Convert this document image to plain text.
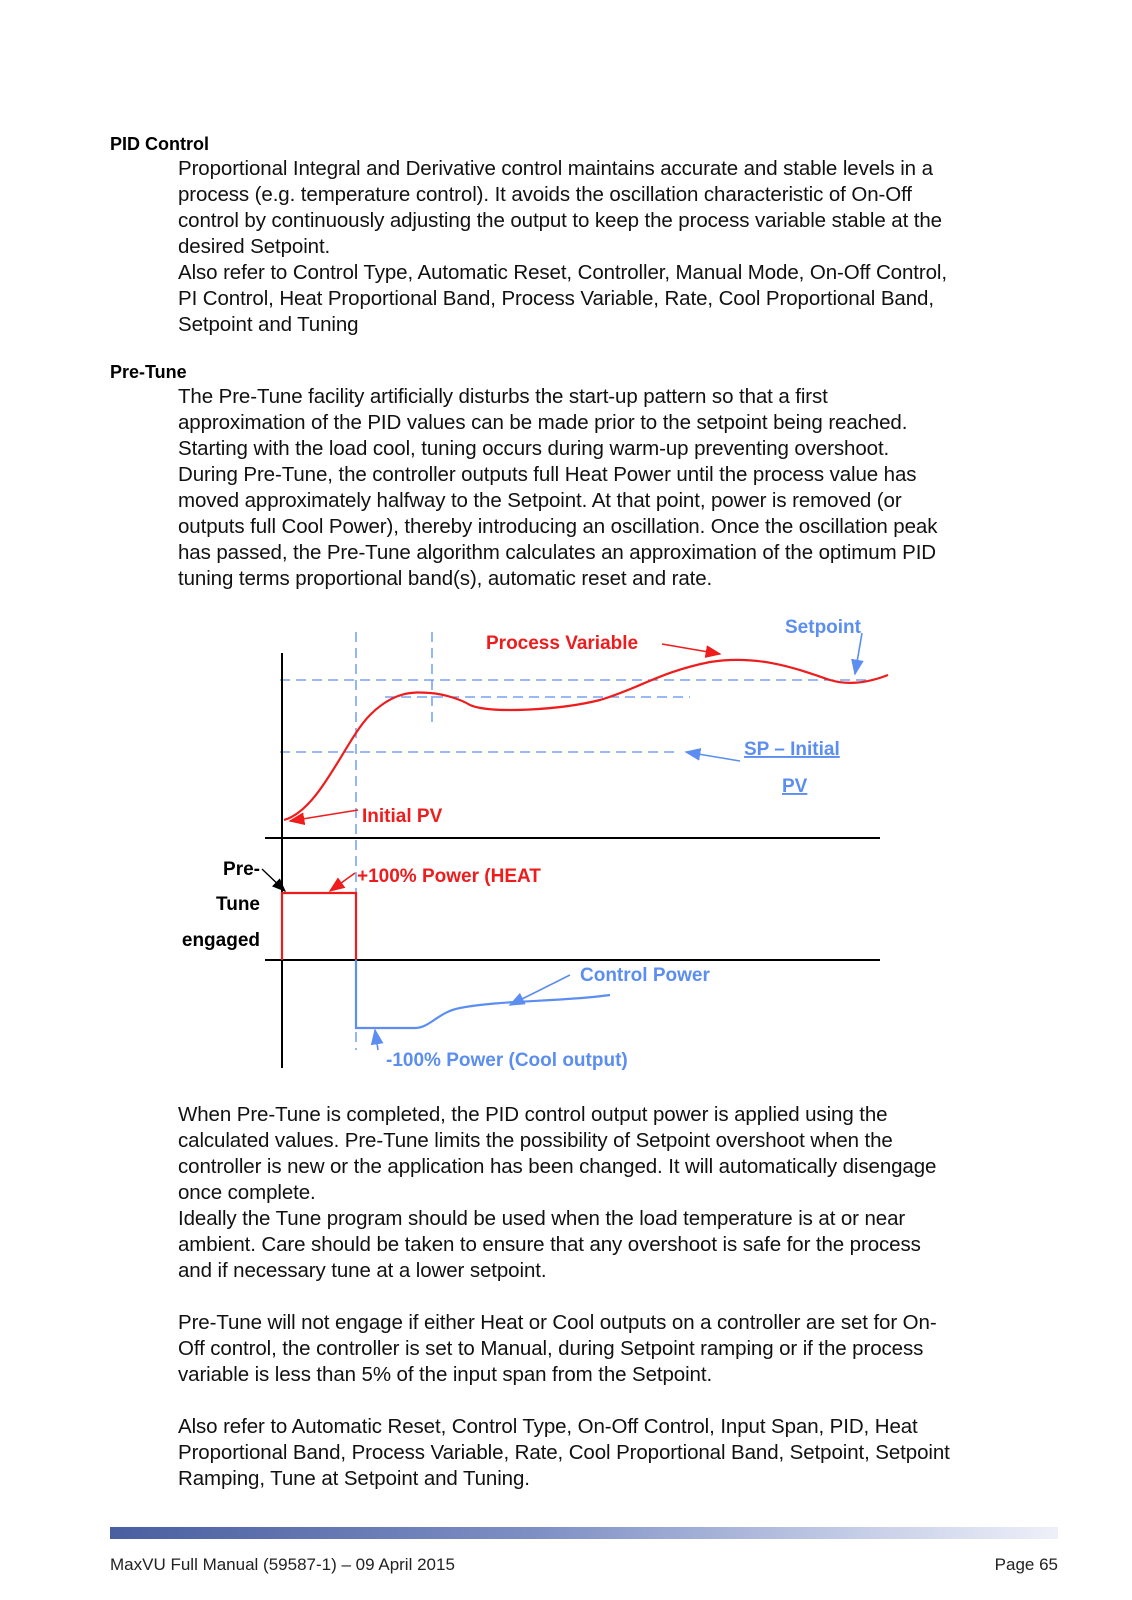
PID Control
Proportional Integral and Derivative control maintains accurate and stable levels in a
process (e.g. temperature control). It avoids the oscillation characteristic of On-Off
control by continuously adjusting the output to keep the process variable stable at the
desired Setpoint.
Also refer to Control Type, Automatic Reset, Controller, Manual Mode, On-Off Control,
PI Control, Heat Proportional Band, Process Variable, Rate, Cool Proportional Band,
Setpoint and Tuning
Pre-Tune
The Pre-Tune facility artificially disturbs the start-up pattern so that a first
approximation of the PID values can be made prior to the setpoint being reached.
Starting with the load cool, tuning occurs during warm-up preventing overshoot.
During Pre-Tune, the controller outputs full Heat Power until the process value has
moved approximately halfway to the Setpoint. At that point, power is removed (or
outputs full Cool Power), thereby introducing an oscillation. Once the oscillation peak
has passed, the Pre-Tune algorithm calculates an approximation of the optimum PID
tuning terms proportional band(s), automatic reset and rate.
Process Variable
Setpoint
SP – Initial
PV
Initial PV
Pre-
Tune
engaged
+100% Power (HEAT
Control Power
-100% Power (Cool output)
When Pre-Tune is completed, the PID control output power is applied using the
calculated values. Pre-Tune limits the possibility of Setpoint overshoot when the
controller is new or the application has been changed. It will automatically disengage
once complete.
Ideally the Tune program should be used when the load temperature is at or near
ambient. Care should be taken to ensure that any overshoot is safe for the process
and if necessary tune at a lower setpoint.
Pre-Tune will not engage if either Heat or Cool outputs on a controller are set for On-
Off control, the controller is set to Manual, during Setpoint ramping or if the process
variable is less than 5% of the input span from the Setpoint.
Also refer to Automatic Reset, Control Type, On-Off Control, Input Span, PID, Heat
Proportional Band, Process Variable, Rate, Cool Proportional Band, Setpoint, Setpoint
Ramping, Tune at Setpoint and Tuning.
MaxVU Full Manual (59587-1) – 09 April 2015	Page 65
